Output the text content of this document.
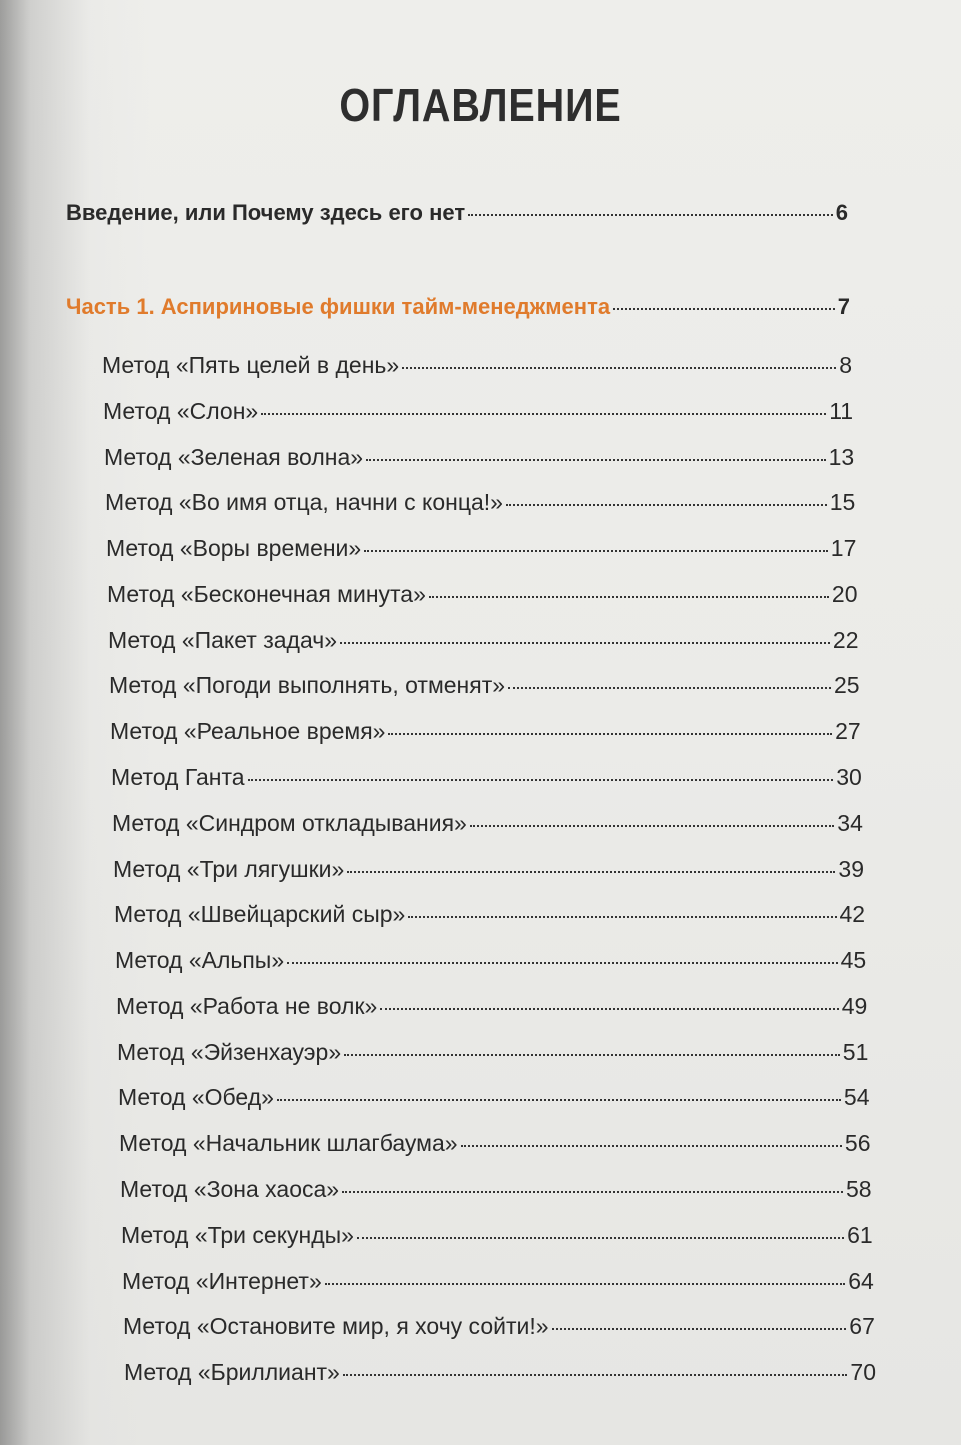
ОГЛАВЛЕНИЕ
Введение, или Почему здесь его нет	6
Часть 1. Аспириновые фишки тайм-менеджмента	7
Метод «Пять целей в день»	8
Метод «Слон»	11
Метод «Зеленая волна»	13
Метод «Во имя отца, начни с конца!»	15
Метод «Воры времени»	17
Метод «Бесконечная минута»	20
Метод «Пакет задач»	22
Метод «Погоди выполнять, отменят»	25
Метод «Реальное время»	27
Метод Ганта	30
Метод «Синдром откладывания»	34
Метод «Три лягушки»	39
Метод «Швейцарский сыр»	42
Метод «Альпы»	45
Метод «Работа не волк»	49
Метод «Эйзенхауэр»	51
Метод «Обед»	54
Метод «Начальник шлагбаума»	56
Метод «Зона хаоса»	58
Метод «Три секунды»	61
Метод «Интернет»	64
Метод «Остановите мир, я хочу сойти!»	67
Метод «Бриллиант»	70
